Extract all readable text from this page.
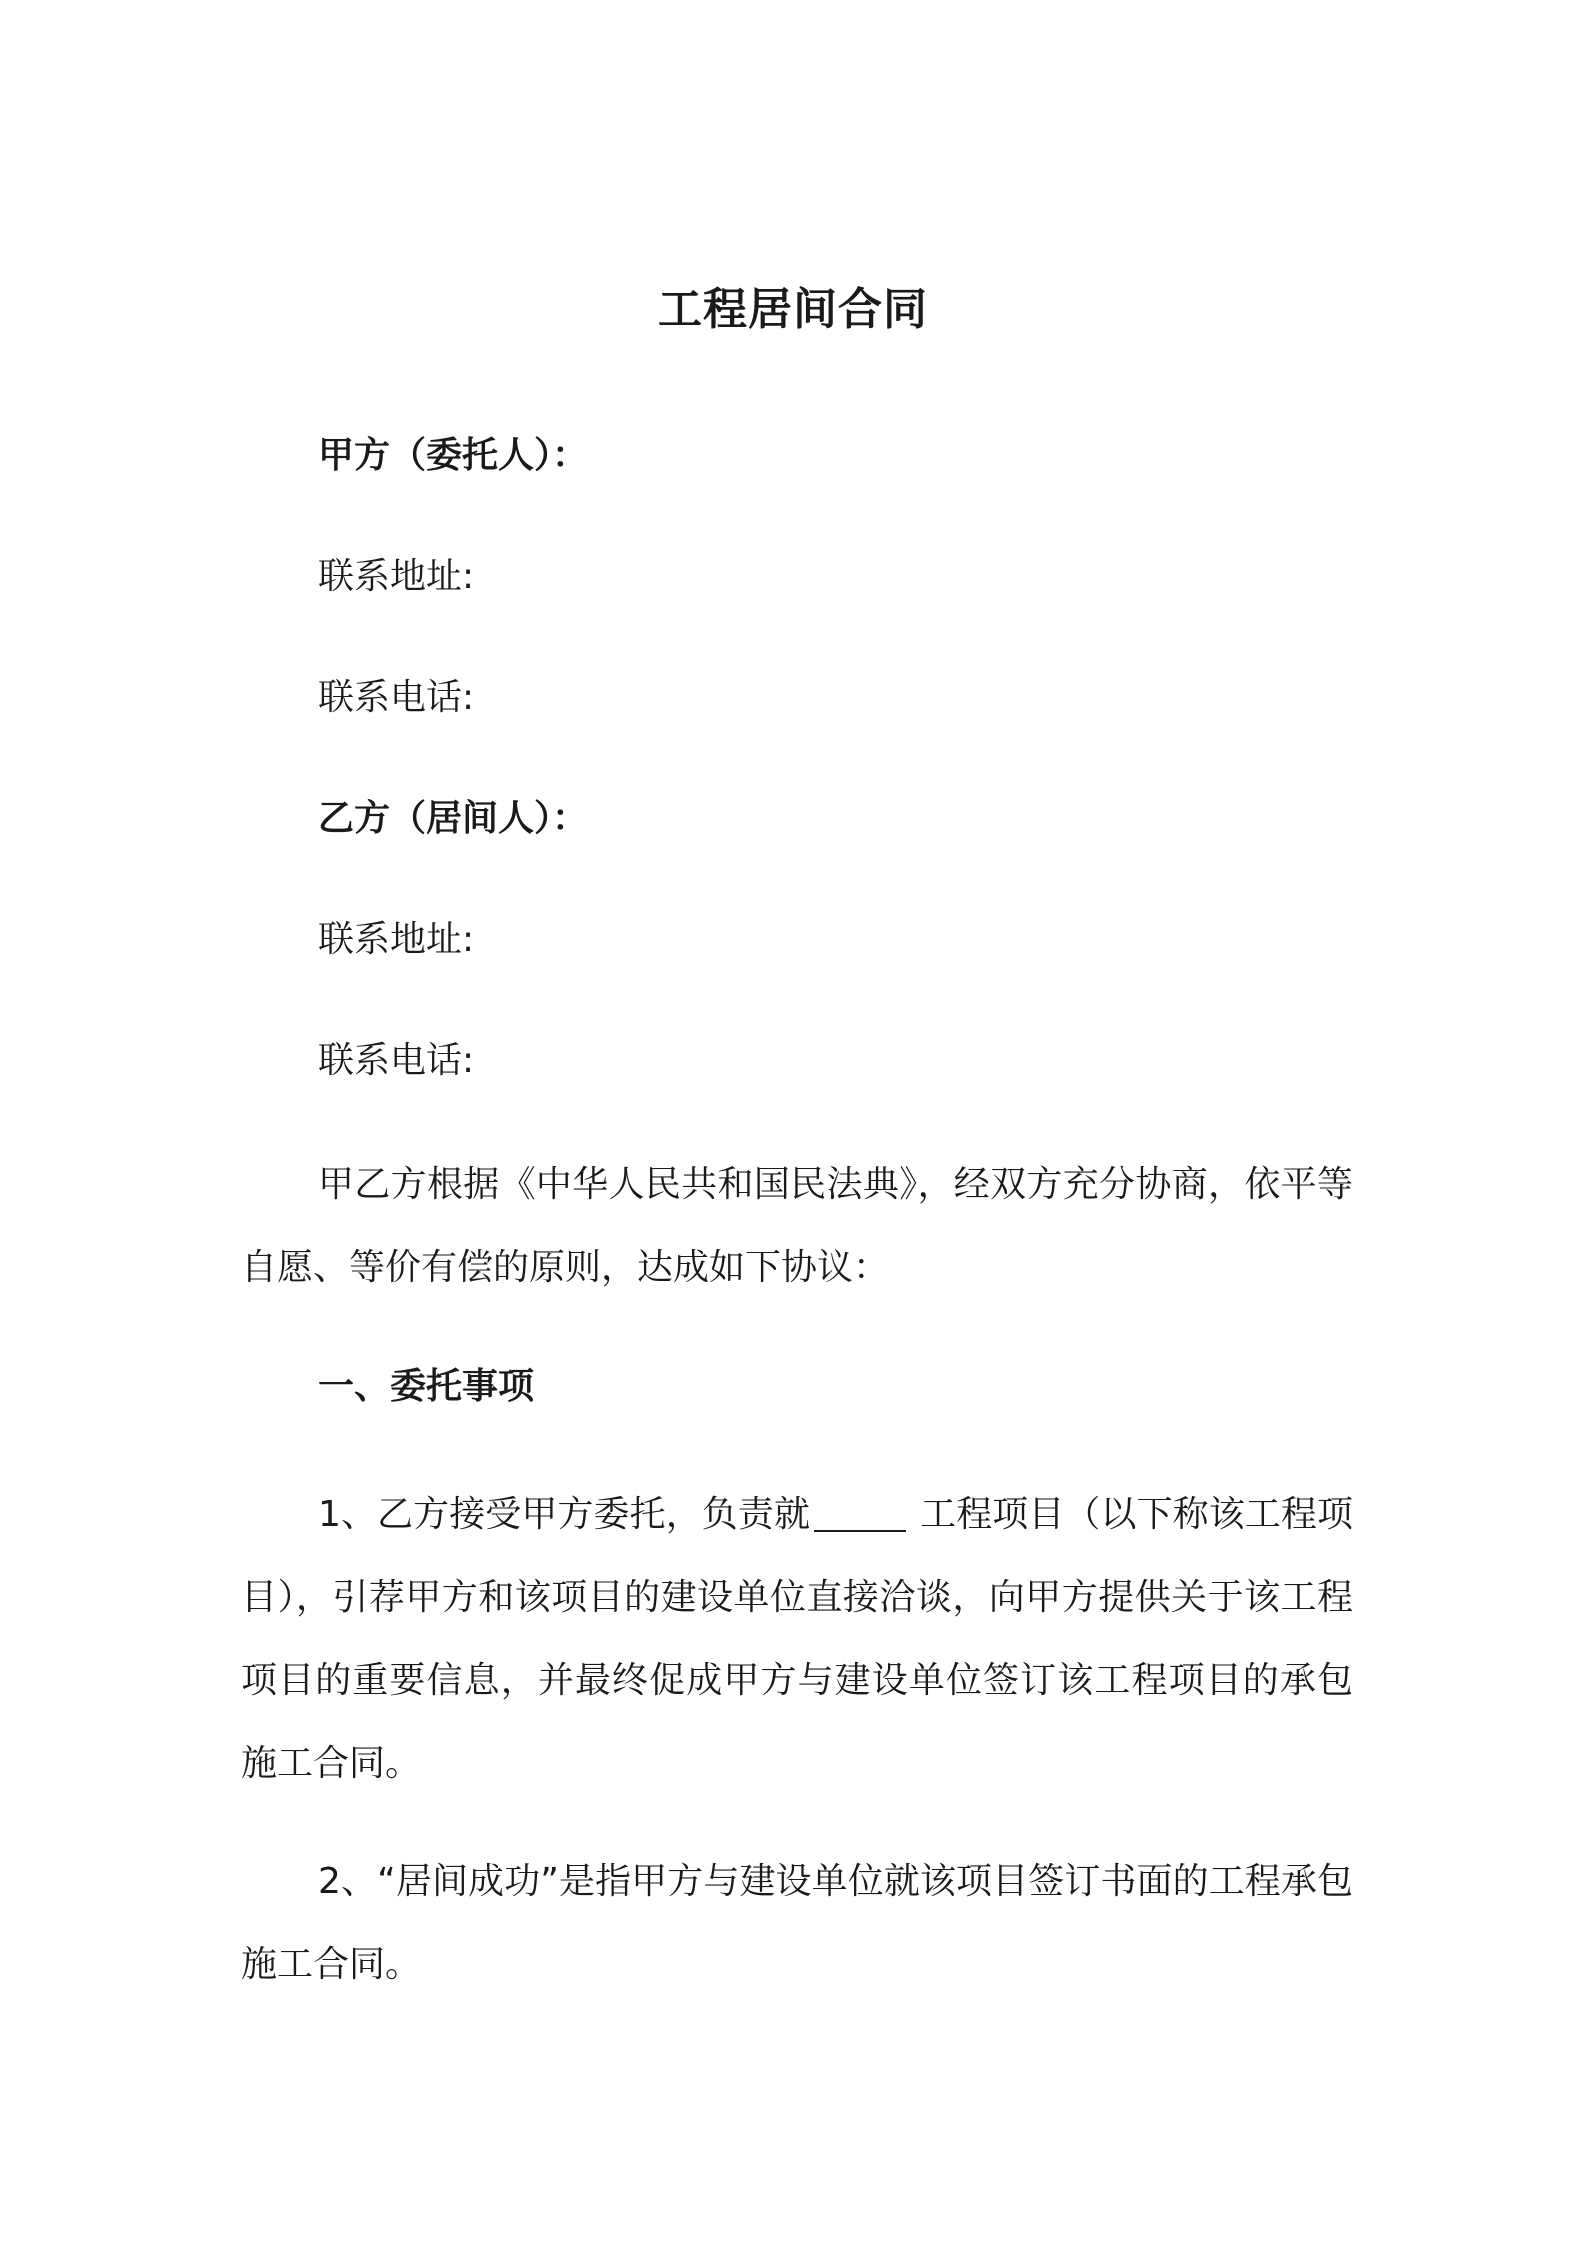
工程居间合同
甲方（委托人）：
联系地址:
联系电话:
乙方（居间人）：
联系地址:
联系电话:
甲乙方根据《中华人民共和国民法典》，经双方充分协商，依平等自愿、等价有偿的原则，达成如下协议：
一、委托事项
1、乙方接受甲方委托，负责就	工程项目（以下称该工程项目），引荐甲方和该项目的建设单位直接洽谈，向甲方提供关于该工程项目的重要信息，并最终促成甲方与建设单位签订该工程项目的承包施工合同。
2、“居间成功”是指甲方与建设单位就该项目签订书面的工程承包施工合同。
